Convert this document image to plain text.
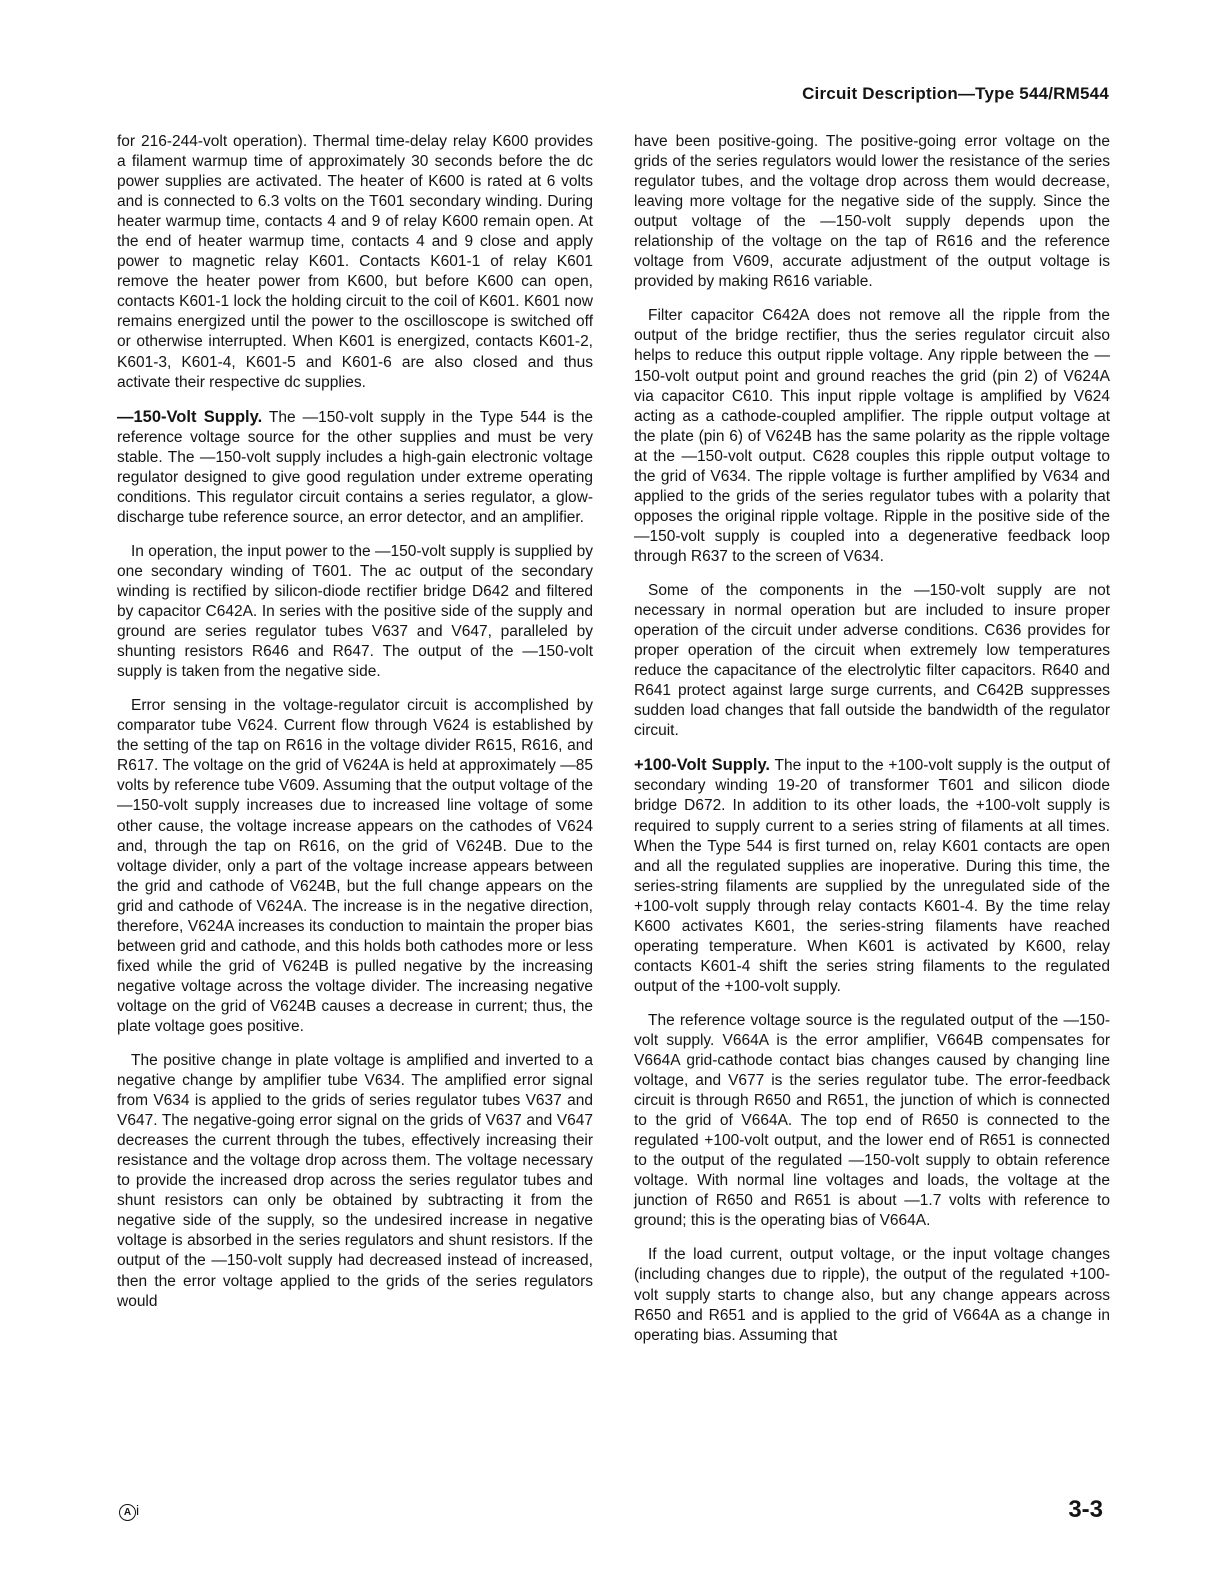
Circuit Description—Type 544/RM544

for 216-244-volt operation). Thermal time-delay relay K600 provides a filament warmup time of approximately 30 seconds before the dc power supplies are activated. The heater of K600 is rated at 6 volts and is connected to 6.3 volts on the T601 secondary winding. During heater warmup time, contacts 4 and 9 of relay K600 remain open. At the end of heater warmup time, contacts 4 and 9 close and apply power to magnetic relay K601. Contacts K601-1 of relay K601 remove the heater power from K600, but before K600 can open, contacts K601-1 lock the holding circuit to the coil of K601. K601 now remains energized until the power to the oscilloscope is switched off or otherwise interrupted. When K601 is energized, contacts K601-2, K601-3, K601-4, K601-5 and K601-6 are also closed and thus activate their respective dc supplies.

—150-Volt Supply. The —150-volt supply in the Type 544 is the reference voltage source for the other supplies and must be very stable. The —150-volt supply includes a high-gain electronic voltage regulator designed to give good regulation under extreme operating conditions. This regulator circuit contains a series regulator, a glow-discharge tube reference source, an error detector, and an amplifier.

In operation, the input power to the —150-volt supply is supplied by one secondary winding of T601. The ac output of the secondary winding is rectified by silicon-diode rectifier bridge D642 and filtered by capacitor C642A. In series with the positive side of the supply and ground are series regulator tubes V637 and V647, paralleled by shunting resistors R646 and R647. The output of the —150-volt supply is taken from the negative side.

Error sensing in the voltage-regulator circuit is accomplished by comparator tube V624. Current flow through V624 is established by the setting of the tap on R616 in the voltage divider R615, R616, and R617. The voltage on the grid of V624A is held at approximately —85 volts by reference tube V609. Assuming that the output voltage of the —150-volt supply increases due to increased line voltage of some other cause, the voltage increase appears on the cathodes of V624 and, through the tap on R616, on the grid of V624B. Due to the voltage divider, only a part of the voltage increase appears between the grid and cathode of V624B, but the full change appears on the grid and cathode of V624A. The increase is in the negative direction, therefore, V624A increases its conduction to maintain the proper bias between grid and cathode, and this holds both cathodes more or less fixed while the grid of V624B is pulled negative by the increasing negative voltage across the voltage divider. The increasing negative voltage on the grid of V624B causes a decrease in current; thus, the plate voltage goes positive.

The positive change in plate voltage is amplified and inverted to a negative change by amplifier tube V634. The amplified error signal from V634 is applied to the grids of series regulator tubes V637 and V647. The negative-going error signal on the grids of V637 and V647 decreases the current through the tubes, effectively increasing their resistance and the voltage drop across them. The voltage necessary to provide the increased drop across the series regulator tubes and shunt resistors can only be obtained by subtracting it from the negative side of the supply, so the undesired increase in negative voltage is absorbed in the series regulators and shunt resistors. If the output of the —150-volt supply had decreased instead of increased, then the error voltage applied to the grids of the series regulators would

have been positive-going. The positive-going error voltage on the grids of the series regulators would lower the resistance of the series regulator tubes, and the voltage drop across them would decrease, leaving more voltage for the negative side of the supply. Since the output voltage of the —150-volt supply depends upon the relationship of the voltage on the tap of R616 and the reference voltage from V609, accurate adjustment of the output voltage is provided by making R616 variable.

Filter capacitor C642A does not remove all the ripple from the output of the bridge rectifier, thus the series regulator circuit also helps to reduce this output ripple voltage. Any ripple between the —150-volt output point and ground reaches the grid (pin 2) of V624A via capacitor C610. This input ripple voltage is amplified by V624 acting as a cathode-coupled amplifier. The ripple output voltage at the plate (pin 6) of V624B has the same polarity as the ripple voltage at the —150-volt output. C628 couples this ripple output voltage to the grid of V634. The ripple voltage is further amplified by V634 and applied to the grids of the series regulator tubes with a polarity that opposes the original ripple voltage. Ripple in the positive side of the —150-volt supply is coupled into a degenerative feedback loop through R637 to the screen of V634.

Some of the components in the —150-volt supply are not necessary in normal operation but are included to insure proper operation of the circuit under adverse conditions. C636 provides for proper operation of the circuit when extremely low temperatures reduce the capacitance of the electrolytic filter capacitors. R640 and R641 protect against large surge currents, and C642B suppresses sudden load changes that fall outside the bandwidth of the regulator circuit.

+100-Volt Supply. The input to the +100-volt supply is the output of secondary winding 19-20 of transformer T601 and silicon diode bridge D672. In addition to its other loads, the +100-volt supply is required to supply current to a series string of filaments at all times. When the Type 544 is first turned on, relay K601 contacts are open and all the regulated supplies are inoperative. During this time, the series-string filaments are supplied by the unregulated side of the +100-volt supply through relay contacts K601-4. By the time relay K600 activates K601, the series-string filaments have reached operating temperature. When K601 is activated by K600, relay contacts K601-4 shift the series string filaments to the regulated output of the +100-volt supply.

The reference voltage source is the regulated output of the —150-volt supply. V664A is the error amplifier, V664B compensates for V664A grid-cathode contact bias changes caused by changing line voltage, and V677 is the series regulator tube. The error-feedback circuit is through R650 and R651, the junction of which is connected to the grid of V664A. The top end of R650 is connected to the regulated +100-volt output, and the lower end of R651 is connected to the output of the regulated —150-volt supply to obtain reference voltage. With normal line voltages and loads, the voltage at the junction of R650 and R651 is about —1.7 volts with reference to ground; this is the operating bias of V664A.

If the load current, output voltage, or the input voltage changes (including changes due to ripple), the output of the regulated +100-volt supply starts to change also, but any change appears across R650 and R651 and is applied to the grid of V664A as a change in operating bias. Assuming that

A i	3-3
